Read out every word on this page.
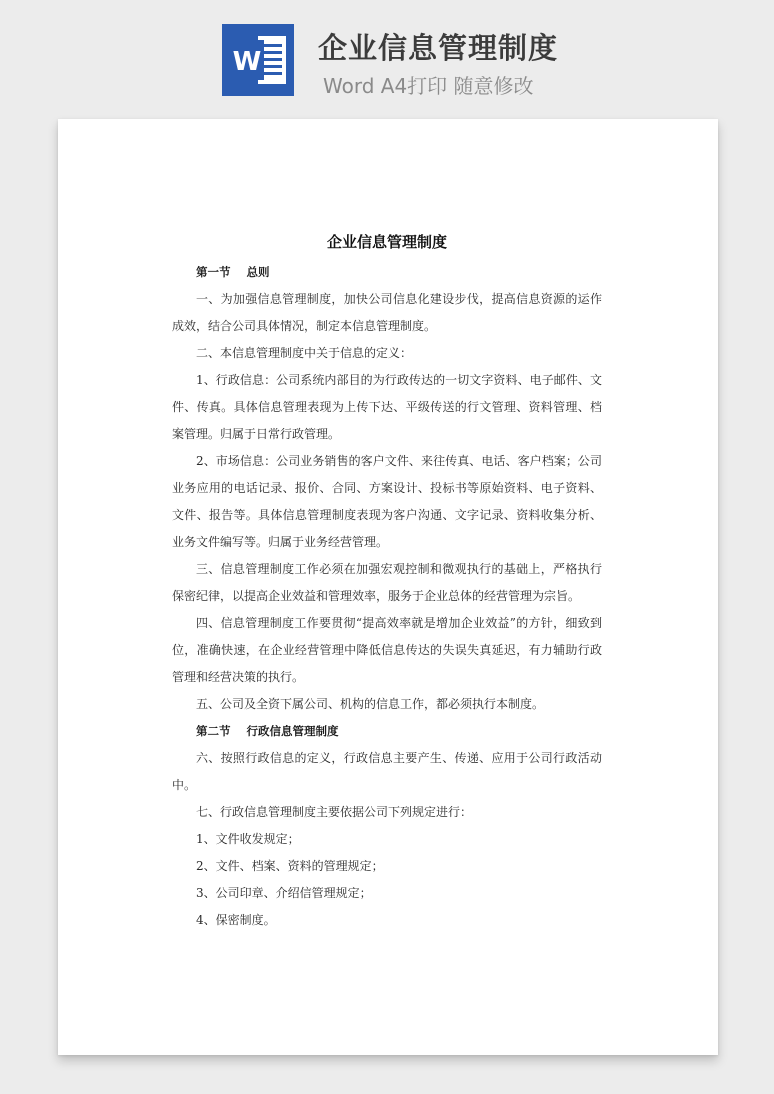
W 企业信息管理制度
Word A4打印 随意修改
企业信息管理制度

第一节    总则

一、为加强信息管理制度，加快公司信息化建设步伐，提高信息资源的运作成效，结合公司具体情况，制定本信息管理制度。

二、本信息管理制度中关于信息的定义：

1、行政信息：公司系统内部目的为行政传达的一切文字资料、电子邮件、文件、传真。具体信息管理表现为上传下达、平级传送的行文管理、资料管理、档案管理。归属于日常行政管理。

2、市场信息：公司业务销售的客户文件、来往传真、电话、客户档案；公司业务应用的电话记录、报价、合同、方案设计、投标书等原始资料、电子资料、文件、报告等。具体信息管理制度表现为客户沟通、文字记录、资料收集分析、业务文件编写等。归属于业务经营管理。

三、信息管理制度工作必须在加强宏观控制和微观执行的基础上，严格执行保密纪律，以提高企业效益和管理效率，服务于企业总体的经营管理为宗旨。

四、信息管理制度工作要贯彻“提高效率就是增加企业效益”的方针，细致到位，准确快速，在企业经营管理中降低信息传达的失误失真延迟，有力辅助行政管理和经营决策的执行。

五、公司及全资下属公司、机构的信息工作，都必须执行本制度。

第二节    行政信息管理制度

六、按照行政信息的定义，行政信息主要产生、传递、应用于公司行政活动中。

七、行政信息管理制度主要依据公司下列规定进行：

1、文件收发规定；

2、文件、档案、资料的管理规定；

3、公司印章、介绍信管理规定；

4、保密制度。
